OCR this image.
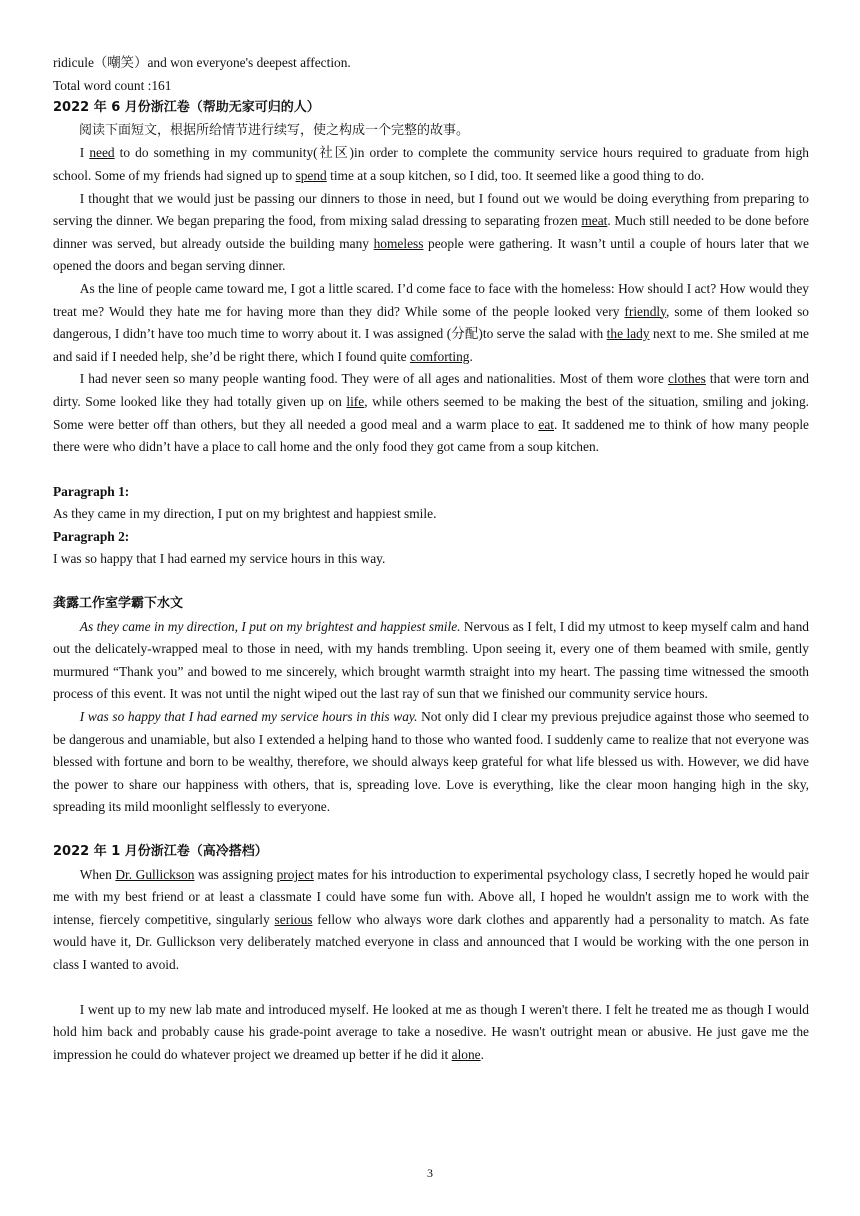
ridicule（嘲笑）and won everyone's deepest affection.

Total word count :161

2022 年 6 月份浙江卷（帮助无家可归的人）

阅读下面短文，根据所给情节进行续写，使之构成一个完整的故事。

I need to do something in my community(社区)in order to complete the community service hours required to graduate from high school. Some of my friends had signed up to spend time at a soup kitchen, so I did, too. It seemed like a good thing to do.

I thought that we would just be passing our dinners to those in need, but I found out we would be doing everything from preparing to serving the dinner. We began preparing the food, from mixing salad dressing to separating frozen meat. Much still needed to be done before dinner was served, but already outside the building many homeless people were gathering. It wasn’t until a couple of hours later that we opened the doors and began serving dinner.

As the line of people came toward me, I got a little scared. I’d come face to face with the homeless: How should I act? How would they treat me? Would they hate me for having more than they did? While some of the people looked very friendly, some of them looked so dangerous, I didn’t have too much time to worry about it. I was assigned (分配)to serve the salad with the lady next to me. She smiled at me and said if I needed help, she’d be right there, which I found quite comforting.

I had never seen so many people wanting food. They were of all ages and nationalities. Most of them wore clothes that were torn and dirty. Some looked like they had totally given up on life, while others seemed to be making the best of the situation, smiling and joking. Some were better off than others, but they all needed a good meal and a warm place to eat. It saddened me to think of how many people there were who didn’t have a place to call home and the only food they got came from a soup kitchen.

Paragraph 1:

As they came in my direction, I put on my brightest and happiest smile.

Paragraph 2:

I was so happy that I had earned my service hours in this way.

龚露工作室学霸下水文

As they came in my direction, I put on my brightest and happiest smile. Nervous as I felt, I did my utmost to keep myself calm and hand out the delicately-wrapped meal to those in need, with my hands trembling. Upon seeing it, every one of them beamed with smile, gently murmured “Thank you” and bowed to me sincerely, which brought warmth straight into my heart. The passing time witnessed the smooth process of this event. It was not until the night wiped out the last ray of sun that we finished our community service hours.

I was so happy that I had earned my service hours in this way. Not only did I clear my previous prejudice against those who seemed to be dangerous and unamiable, but also I extended a helping hand to those who wanted food. I suddenly came to realize that not everyone was blessed with fortune and born to be wealthy, therefore, we should always keep grateful for what life blessed us with. However, we did have the power to share our happiness with others, that is, spreading love. Love is everything, like the clear moon hanging high in the sky, spreading its mild moonlight selflessly to everyone.

2022 年 1 月份浙江卷（高冷搭档）

When Dr. Gullickson was assigning project mates for his introduction to experimental psychology class, I secretly hoped he would pair me with my best friend or at least a classmate I could have some fun with. Above all, I hoped he wouldn't assign me to work with the intense, fiercely competitive, singularly serious fellow who always wore dark clothes and apparently had a personality to match. As fate would have it, Dr. Gullickson very deliberately matched everyone in class and announced that I would be working with the one person in class I wanted to avoid.

I went up to my new lab mate and introduced myself. He looked at me as though I weren't there. I felt he treated me as though I would hold him back and probably cause his grade-point average to take a nosedive. He wasn't outright mean or abusive. He just gave me the impression he could do whatever project we dreamed up better if he did it alone.

3
